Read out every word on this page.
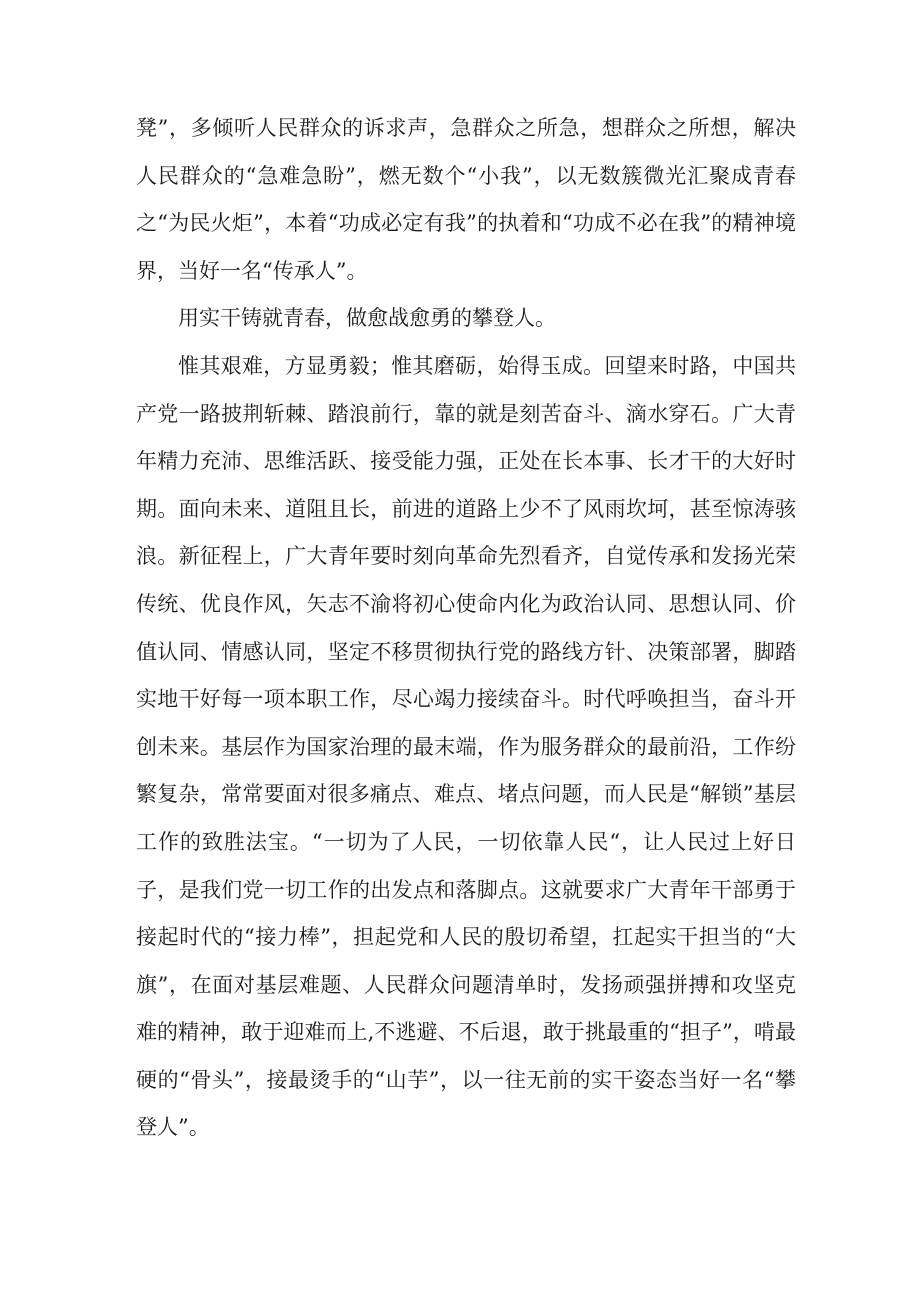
凳”，多倾听人民群众的诉求声，急群众之所急，想群众之所想，解决人民群众的“急难急盼”，燃无数个“小我”，以无数簇微光汇聚成青春之“为民火炬”，本着“功成必定有我”的执着和“功成不必在我”的精神境界，当好一名“传承人”。

用实干铸就青春，做愈战愈勇的攀登人。

惟其艰难，方显勇毅；惟其磨砺，始得玉成。回望来时路，中国共产党一路披荆斩棘、踏浪前行，靠的就是刻苦奋斗、滴水穿石。广大青年精力充沛、思维活跃、接受能力强，正处在长本事、长才干的大好时期。面向未来、道阻且长，前进的道路上少不了风雨坎坷，甚至惊涛骇浪。新征程上，广大青年要时刻向革命先烈看齐，自觉传承和发扬光荣传统、优良作风，矢志不渝将初心使命内化为政治认同、思想认同、价值认同、情感认同，坚定不移贯彻执行党的路线方针、决策部署，脚踏实地干好每一项本职工作，尽心竭力接续奋斗。时代呼唤担当，奋斗开创未来。基层作为国家治理的最末端，作为服务群众的最前沿，工作纷繁复杂，常常要面对很多痛点、难点、堵点问题，而人民是“解锁”基层工作的致胜法宝。“一切为了人民，一切依靠人民“，让人民过上好日子，是我们党一切工作的出发点和落脚点。这就要求广大青年干部勇于接起时代的“接力棒”，担起党和人民的殷切希望，扛起实干担当的“大旗”，在面对基层难题、人民群众问题清单时，发扬顽强拼搏和攻坚克难的精神，敢于迎难而上,不逃避、不后退，敢于挑最重的“担子”，啃最硬的“骨头”，接最烫手的“山芋”，以一往无前的实干姿态当好一名“攀登人”。
